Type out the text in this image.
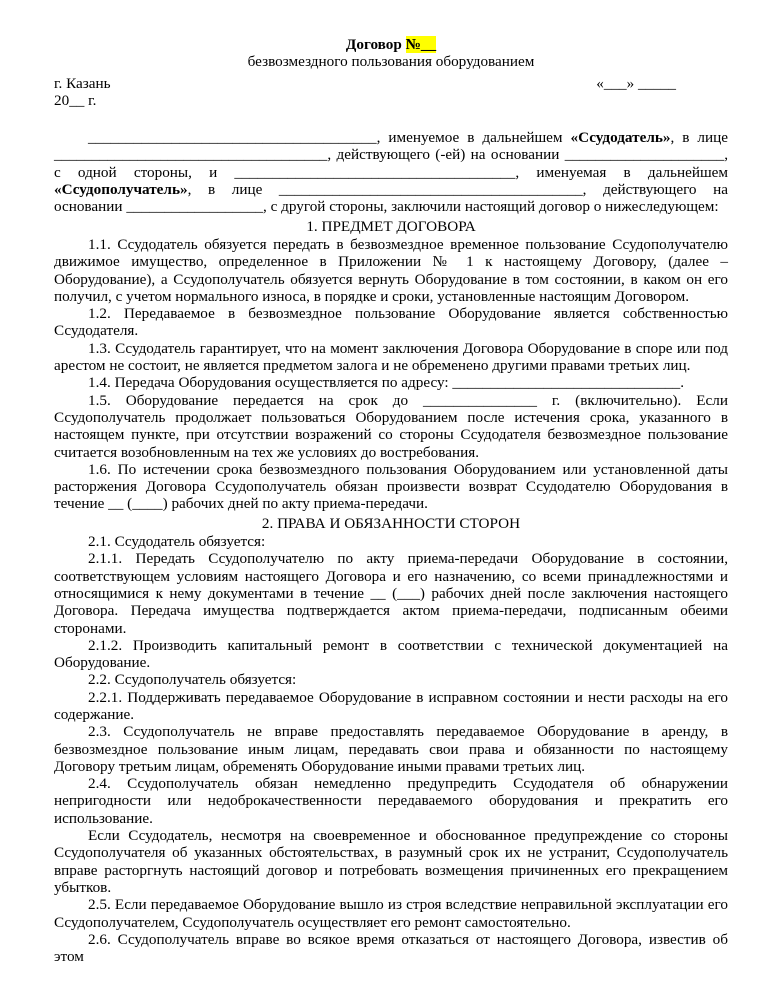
Договор №__

безвозмездного пользования оборудованием

г. Казань	«___» _____

20__ г.

______________________________________, именуемое в дальнейшем «Ссудодатель», в лице ____________________________________, действующего (-ей) на основании _____________________, с одной стороны, и _____________________________________, именуемая в дальнейшем «Ссудополучатель», в лице ________________________________________, действующего на основании __________________, с другой стороны, заключили настоящий договор о нижеследующем:

1. ПРЕДМЕТ ДОГОВОРА

1.1. Ссудодатель обязуется передать в безвозмездное временное пользование Ссудополучателю движимое имущество, определенное в Приложении № 1 к настоящему Договору, (далее – Оборудование), а Ссудополучатель обязуется вернуть Оборудование в том состоянии, в каком он его получил, с учетом нормального износа, в порядке и сроки, установленные настоящим Договором.

1.2. Передаваемое в безвозмездное пользование Оборудование является собственностью Ссудодателя.

1.3. Ссудодатель гарантирует, что на момент заключения Договора Оборудование в споре или под арестом не состоит, не является предметом залога и не обременено другими правами третьих лиц.

1.4. Передача Оборудования осуществляется по адресу: ______________________________.

1.5. Оборудование передается на срок до _______________ г. (включительно). Если Ссудополучатель продолжает пользоваться Оборудованием после истечения срока, указанного в настоящем пункте, при отсутствии возражений со стороны Ссудодателя безвозмездное пользование считается возобновленным на тех же условиях до востребования.

1.6. По истечении срока безвозмездного пользования Оборудованием или установленной даты расторжения Договора Ссудополучатель обязан произвести возврат Ссудодателю Оборудования в течение __ (____) рабочих дней по акту приема-передачи.

2. ПРАВА И ОБЯЗАННОСТИ СТОРОН

2.1. Ссудодатель обязуется:

2.1.1. Передать Ссудополучателю по акту приема-передачи Оборудование в состоянии, соответствующем условиям настоящего Договора и его назначению, со всеми принадлежностями и относящимися к нему документами в течение __ (___) рабочих дней после заключения настоящего Договора. Передача имущества подтверждается актом приема-передачи, подписанным обеими сторонами.

2.1.2. Производить капитальный ремонт в соответствии с технической документацией на Оборудование.

2.2. Ссудополучатель обязуется:

2.2.1. Поддерживать передаваемое Оборудование в исправном состоянии и нести расходы на его содержание.

2.3. Ссудополучатель не вправе предоставлять передаваемое Оборудование в аренду, в безвозмездное пользование иным лицам, передавать свои права и обязанности по настоящему Договору третьим лицам, обременять Оборудование иными правами третьих лиц.

2.4. Ссудополучатель обязан немедленно предупредить Ссудодателя об обнаружении непригодности или недоброкачественности передаваемого оборудования и прекратить его использование.

Если Ссудодатель, несмотря на своевременное и обоснованное предупреждение со стороны Ссудополучателя об указанных обстоятельствах, в разумный срок их не устранит, Ссудополучатель вправе расторгнуть настоящий договор и потребовать возмещения причиненных его прекращением убытков.

2.5. Если передаваемое Оборудование вышло из строя вследствие неправильной эксплуатации его Ссудополучателем, Ссудополучатель осуществляет его ремонт самостоятельно.

2.6. Ссудополучатель вправе во всякое время отказаться от настоящего Договора, известив об этом
